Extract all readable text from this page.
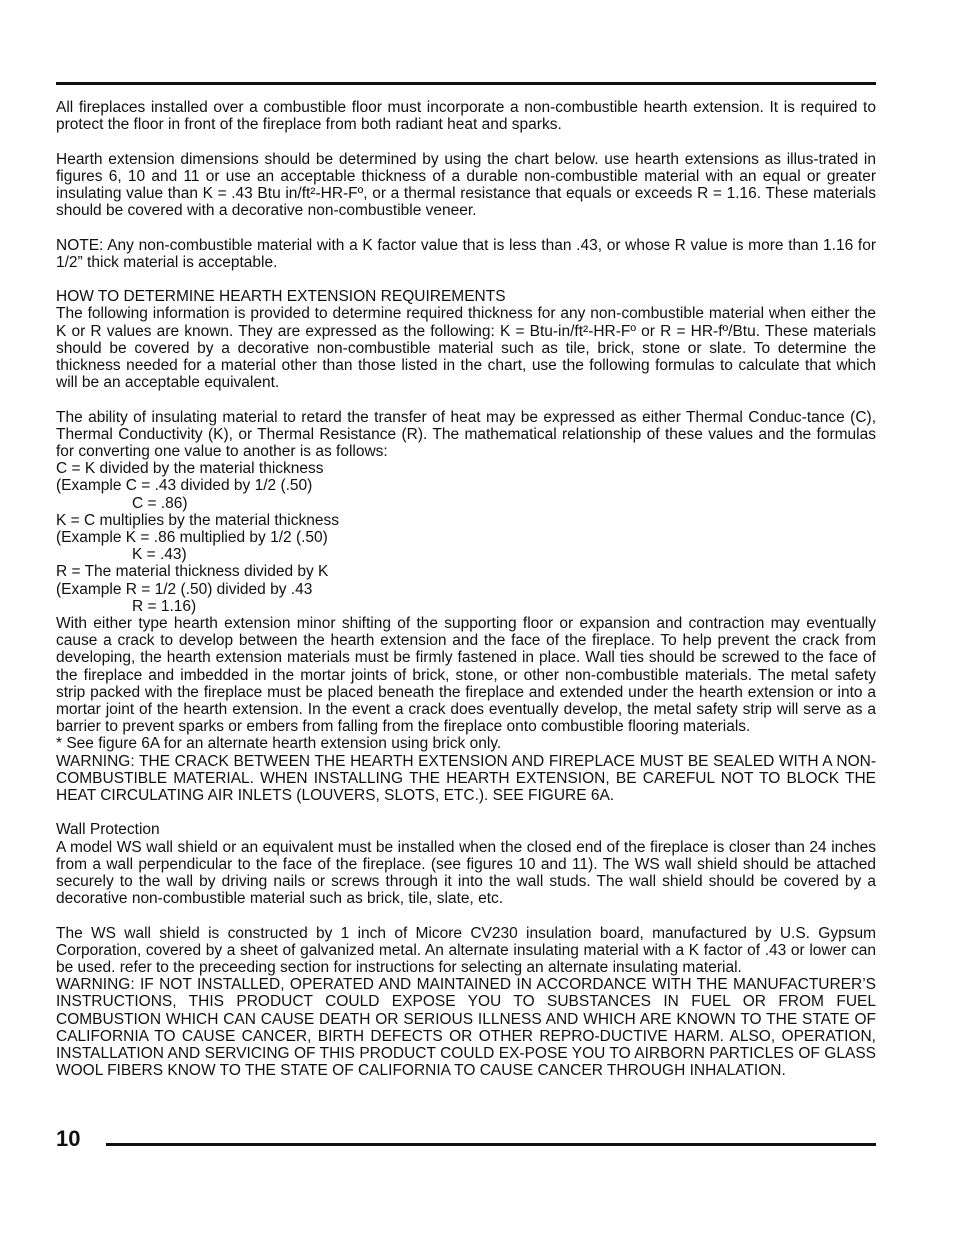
All fireplaces installed over a combustible floor must incorporate a non-combustible hearth extension. It is required to protect the floor in front of the fireplace from both radiant heat and sparks.

Hearth extension dimensions should be determined by using the chart below. use hearth extensions as illus-trated in figures 6, 10 and 11 or use an acceptable thickness of a durable non-combustible material with an equal or greater insulating value than K = .43 Btu in/ft²-HR-Fº, or a thermal resistance that equals or exceeds R = 1.16. These materials should be covered with a decorative non-combustible veneer.

NOTE: Any non-combustible material with a K factor value that is less than .43, or whose R value is more than 1.16 for 1/2” thick material is acceptable.

HOW TO DETERMINE HEARTH EXTENSION REQUIREMENTS

The following information is provided to determine required thickness for any non-combustible material when either the K or R values are known. They are expressed as the following: K = Btu-in/ft²-HR-Fº or R = HR-fº/Btu. These materials should be covered by a decorative non-combustible material such as tile, brick, stone or slate. To determine the thickness needed for a material other than those listed in the chart, use the following formulas to calculate that which will be an acceptable equivalent.

The ability of insulating material to retard the transfer of heat may be expressed as either Thermal Conduc-tance (C), Thermal Conductivity (K), or Thermal Resistance (R). The mathematical relationship of these values and the formulas for converting one value to another is as follows:

C = K divided by the material thickness

(Example C = .43 divided by 1/2 (.50)

C = .86)

K = C multiplies by the material thickness

(Example K = .86 multiplied by 1/2 (.50)

K = .43)

R = The material thickness divided by K

(Example R = 1/2 (.50) divided by .43

R = 1.16)

With either type hearth extension minor shifting of the supporting floor or expansion and contraction may eventually cause a crack to develop between the hearth extension and the face of the fireplace. To help prevent the crack from developing, the hearth extension materials must be firmly fastened in place. Wall ties should be screwed to the face of the fireplace and imbedded in the mortar joints of brick, stone, or other non-combustible materials. The metal safety strip packed with the fireplace must be placed beneath the fireplace and extended under the hearth extension or into a mortar joint of the hearth extension. In the event a crack does eventually develop, the metal safety strip will serve as a barrier to prevent sparks or embers from falling from the fireplace onto combustible flooring materials.

* See figure 6A for an alternate hearth extension using brick only.

WARNING: THE CRACK BETWEEN THE HEARTH EXTENSION AND FIREPLACE MUST BE SEALED WITH A NON-COMBUSTIBLE MATERIAL. WHEN INSTALLING THE HEARTH EXTENSION, BE CAREFUL NOT TO BLOCK THE HEAT CIRCULATING AIR INLETS (LOUVERS, SLOTS, ETC.). SEE FIGURE 6A.

Wall Protection

A model WS wall shield or an equivalent must be installed when the closed end of the fireplace is closer than 24 inches from a wall perpendicular to the face of the fireplace. (see figures 10 and 11). The WS wall shield should be attached securely to the wall by driving nails or screws through it into the wall studs. The wall shield should be covered by a decorative non-combustible material such as brick, tile, slate, etc.

The WS wall shield is constructed by 1 inch of Micore CV230 insulation board, manufactured by U.S. Gypsum Corporation, covered by a sheet of galvanized metal. An alternate insulating material with a K factor of .43 or lower can be used. refer to the preceeding section for instructions for selecting an alternate insulating material.

WARNING: IF NOT INSTALLED, OPERATED AND MAINTAINED IN ACCORDANCE WITH THE MANUFACTURER’S INSTRUCTIONS, THIS PRODUCT COULD EXPOSE YOU TO SUBSTANCES IN FUEL OR FROM FUEL COMBUSTION WHICH CAN CAUSE DEATH OR SERIOUS ILLNESS AND WHICH ARE KNOWN TO THE STATE OF CALIFORNIA TO CAUSE CANCER, BIRTH DEFECTS OR OTHER REPRO-DUCTIVE HARM. ALSO, OPERATION, INSTALLATION AND SERVICING OF THIS PRODUCT COULD EX-POSE YOU TO AIRBORN PARTICLES OF GLASS WOOL FIBERS KNOW TO THE STATE OF CALIFORNIA TO CAUSE CANCER THROUGH INHALATION.

10
